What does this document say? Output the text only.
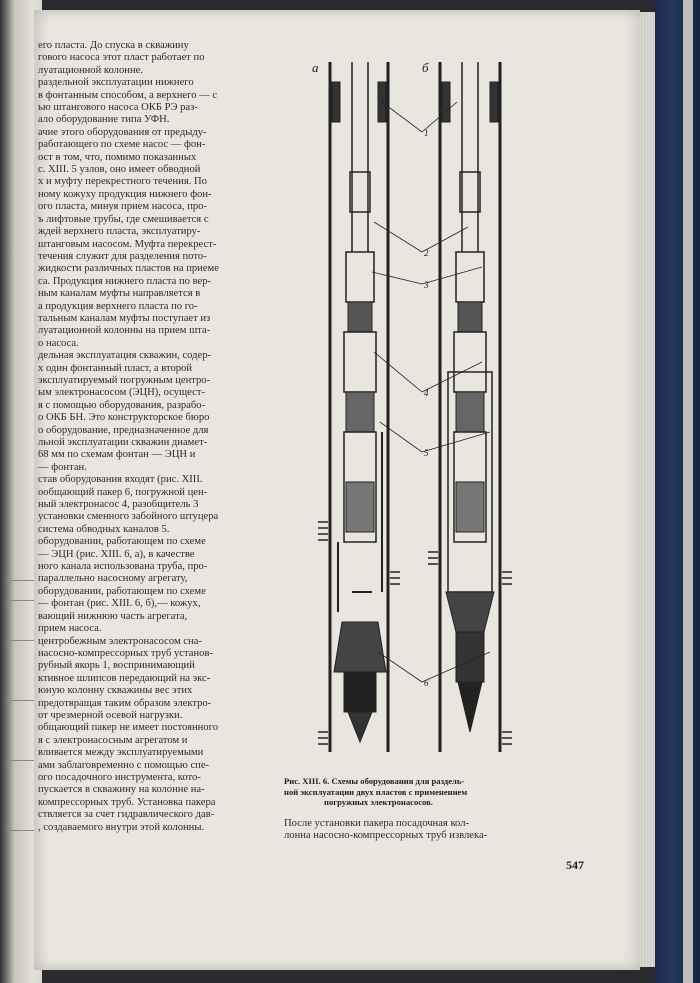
его пласта. До спуска в скважину

гового насоса этот пласт работает по

луатационной колонне.

раздельной эксплуатации нижнего

в фонтанным способом, а верхнего — с

ью штангового насоса ОКБ РЭ раз-

ало оборудование типа УФН.

ачие этого оборудования от предыду-

работающего по схеме насос — фон-

ост в том, что, помимо показанных

с. XIII. 5 узлов, оно имеет обводной

х и муфту перекрестного течения. По

ному кожуху продукция нижнего фон-

ого пласта, минуя прием насоса, про-

ъ лифтовые трубы, где смешивается с

ждей верхнего пласта, эксплуатиру-

штанговым насосом. Муфта перекрест-

течения служит для разделения пото-

жидкости различных пластов на приеме

са. Продукция нижнего пласта по вер-

ным каналам муфты направляется в

а продукция верхнего пласта по го-

тальным каналам муфты поступает из

луатационной колонны на прием шта-

о насоса.

дельная эксплуатация скважин, содер-

х один фонтанный пласт, а второй

эксплуатируемый погружным центро-

ым электронасосом (ЭЦН), осущест-

я с помощью оборудования, разрабо-

о ОКБ БН. Это конструкторское бюро

о оборудование, предназначенное для

льной эксплуатации скважин диамет-

68 мм по схемам фонтан — ЭЦН и

— фонтан.

став оборудования входят (рис. XIII.

ообщающий пакер 6, погружной цен-

ный электронасос 4, разобщитель 3

установки сменного забойного штуцера

система обводных каналов 5.

оборудовании, работающем по схеме

— ЭЦН (рис. XIII. 6, а), в качестве

ного канала использована труба, про-

параллельно насосному агрегату,

оборудовании, работающем по схеме

— фонтан (рис. XIII. 6, б),— кожух,

вающий нижнюю часть агрегата,

прием насоса.

центробежным электронасосом сна-

насосно-компрессорных труб установ-

рубный якорь 1, воспринимающий

ктивное шлипсов передающий на экс-

юную колонну скважины вес этих

предотвращая таким образом электро-

от чрезмерной осевой нагрузки.

общающий пакер не имеет постоянного

я с электронасосным агрегатом и

вливается между эксплуатируемыми

ами заблаговременно с помощью спе-

ого посадочного инструмента, кото-

пускается в скважину на колонне на-

компрессорных труб. Установка пакера

ствляется за счет гидравлического дав-

, создаваемого внутри этой колонны.

а	б
1
2
3
4
5
6
Рис. XIII. 6. Схемы оборудования для раздель-
ной эксплуатации двух пластов с применением
погружных электронасосов.

После установки пакера посадочная кол-

лонна насосно-компрессорных труб извлека-

547
